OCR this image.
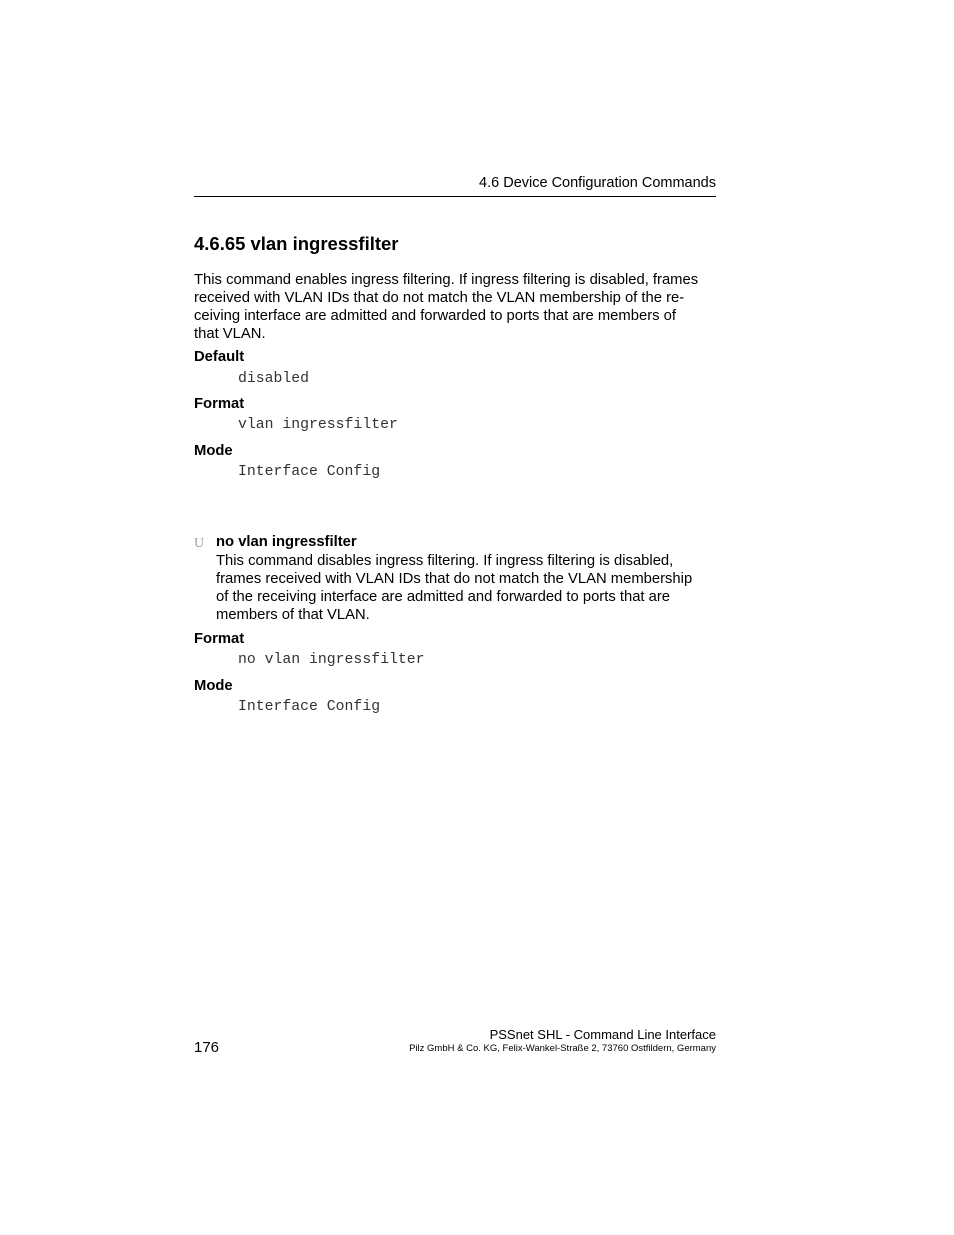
4.6 Device Configuration Commands
4.6.65 vlan ingressfilter
This command enables ingress filtering. If ingress filtering is disabled, frames
received with VLAN IDs that do not match the VLAN membership of the re-
ceiving interface are admitted and forwarded to ports that are members of
that VLAN.
Default
disabled
Format
vlan ingressfilter
Mode
Interface Config
U no vlan ingressfilter
This command disables ingress filtering. If ingress filtering is disabled,
frames received with VLAN IDs that do not match the VLAN membership
of the receiving interface are admitted and forwarded to ports that are
members of that VLAN.
Format
no vlan ingressfilter
Mode
Interface Config
PSSnet SHL - Command Line Interface
Pilz GmbH & Co. KG, Felix-Wankel-Straße 2, 73760 Ostfildern, Germany
176
